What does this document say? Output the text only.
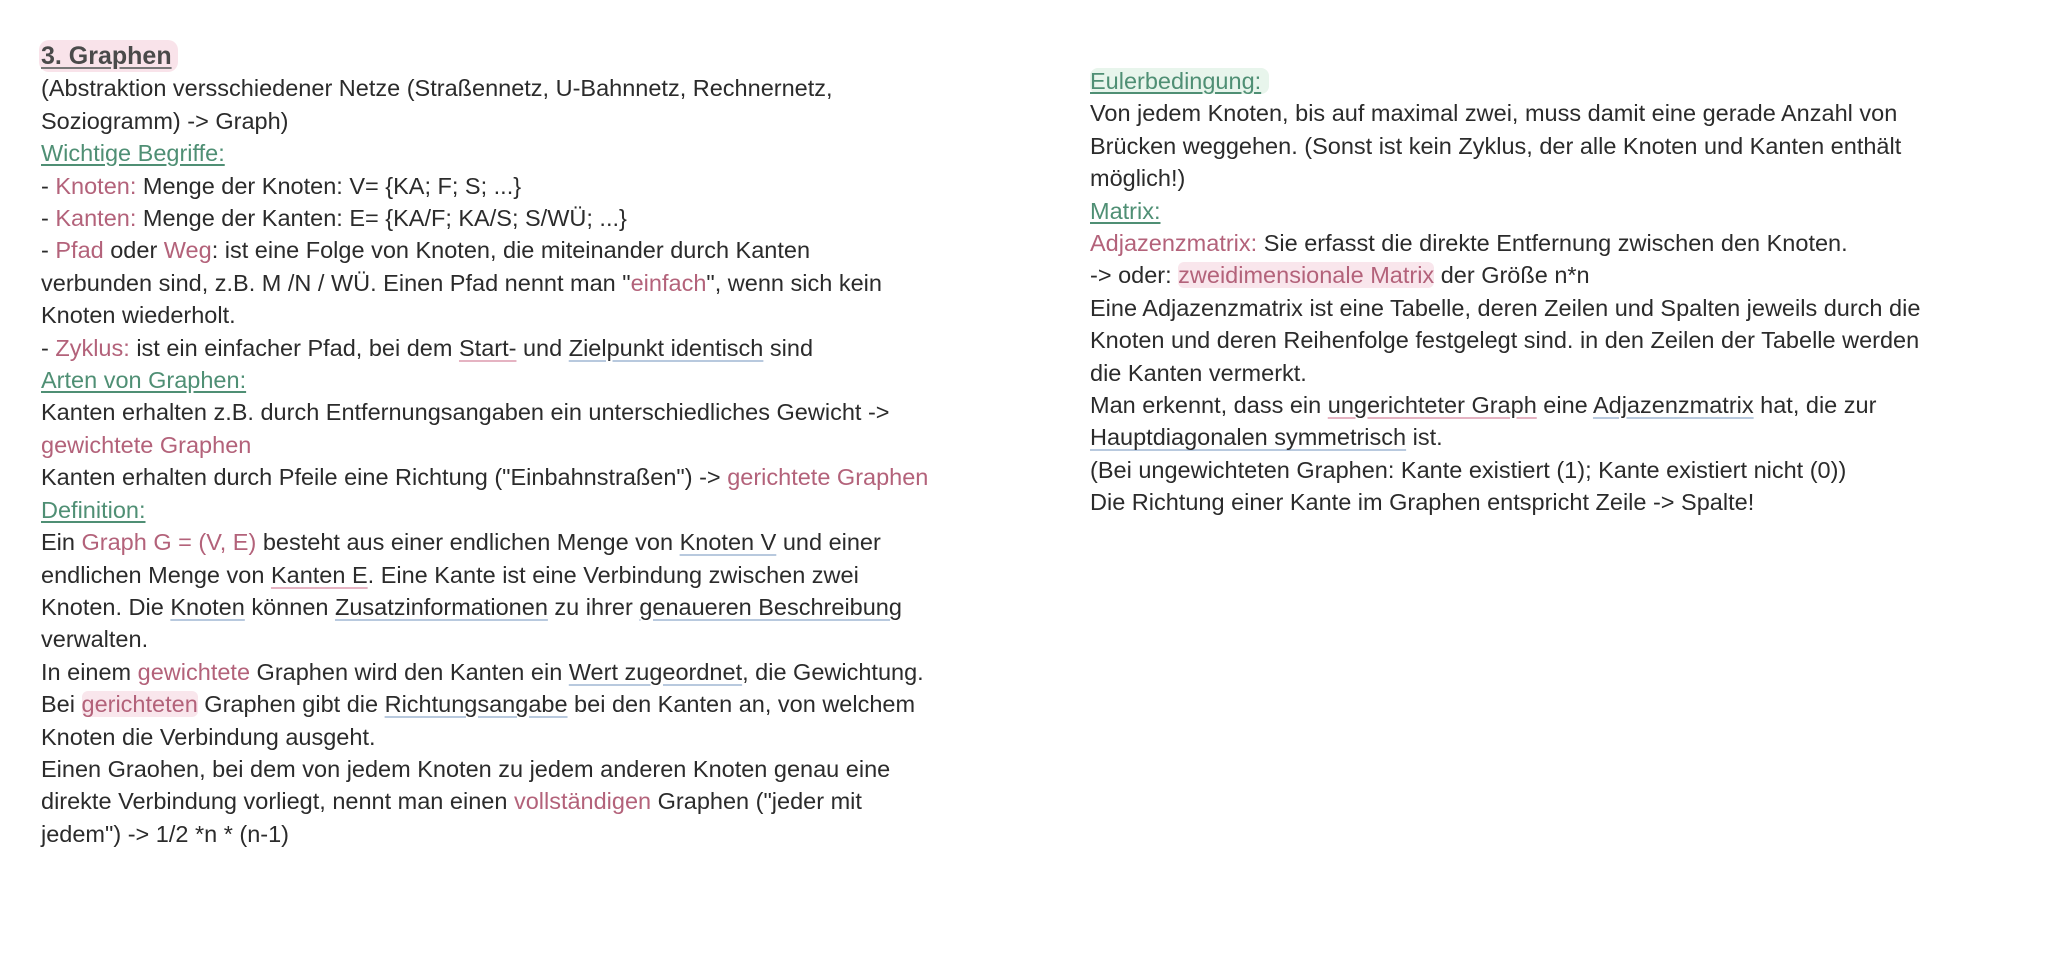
3. Graphen
(Abstraktion versschiedener Netze (Straßennetz, U-Bahnnetz, Rechnernetz,
Soziogramm) -> Graph)
Wichtige Begriffe:
- Knoten: Menge der Knoten: V= {KA; F; S; ...}
- Kanten: Menge der Kanten: E= {KA/F; KA/S; S/WÜ; ...}
- Pfad oder Weg: ist eine Folge von Knoten, die miteinander durch Kanten
verbunden sind, z.B. M /N / WÜ. Einen Pfad nennt man "einfach", wenn sich kein
Knoten wiederholt.
- Zyklus: ist ein einfacher Pfad, bei dem Start- und Zielpunkt identisch sind
Arten von Graphen:
Kanten erhalten z.B. durch Entfernungsangaben ein unterschiedliches Gewicht ->
gewichtete Graphen
Kanten erhalten durch Pfeile eine Richtung ("Einbahnstraßen") -> gerichtete Graphen
Definition:
Ein Graph G = (V, E) besteht aus einer endlichen Menge von Knoten V und einer
endlichen Menge von Kanten E. Eine Kante ist eine Verbindung zwischen zwei
Knoten. Die Knoten können Zusatzinformationen zu ihrer genaueren Beschreibung
verwalten.
In einem gewichtete Graphen wird den Kanten ein Wert zugeordnet, die Gewichtung.
Bei gerichteten Graphen gibt die Richtungsangabe bei den Kanten an, von welchem
Knoten die Verbindung ausgeht.
Einen Graohen, bei dem von jedem Knoten zu jedem anderen Knoten genau eine
direkte Verbindung vorliegt, nennt man einen vollständigen Graphen ("jeder mit
jedem") -> 1/2 *n * (n-1)
Eulerbedingung:
Von jedem Knoten, bis auf maximal zwei, muss damit eine gerade Anzahl von
Brücken weggehen. (Sonst ist kein Zyklus, der alle Knoten und Kanten enthält
möglich!)
Matrix:
Adjazenzmatrix: Sie erfasst die direkte Entfernung zwischen den Knoten.
-> oder: zweidimensionale Matrix der Größe n*n
Eine Adjazenzmatrix ist eine Tabelle, deren Zeilen und Spalten jeweils durch die
Knoten und deren Reihenfolge festgelegt sind. in den Zeilen der Tabelle werden
die Kanten vermerkt.
Man erkennt, dass ein ungerichteter Graph eine Adjazenzmatrix hat, die zur
Hauptdiagonalen symmetrisch ist.
(Bei ungewichteten Graphen: Kante existiert (1); Kante existiert nicht (0))
Die Richtung einer Kante im Graphen entspricht Zeile -> Spalte!
